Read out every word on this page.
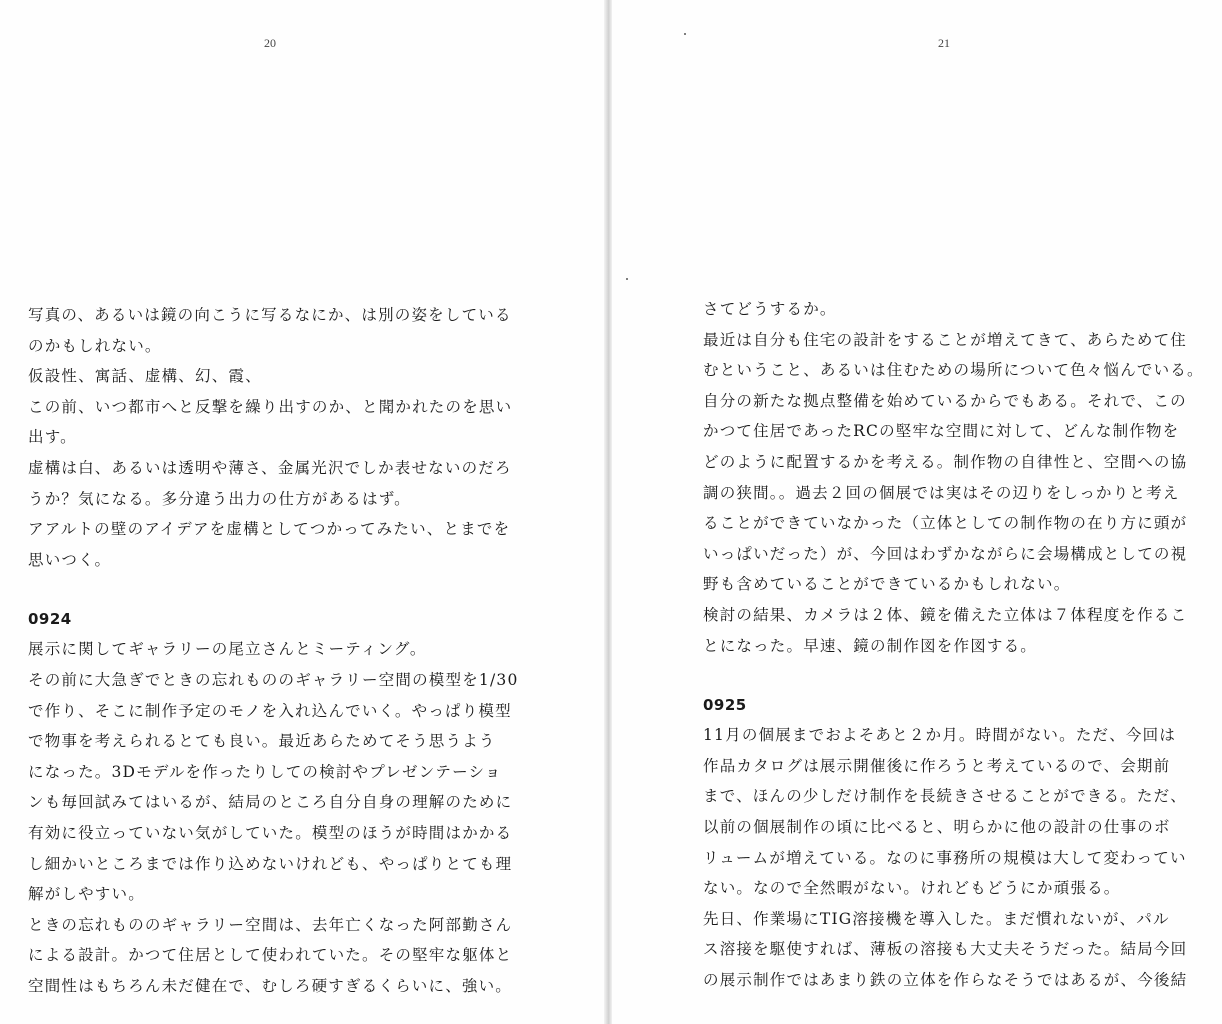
20
写真の、あるいは鏡の向こうに写るなにか、は別の姿をしている
のかもしれない。
仮設性、寓話、虚構、幻、霞、
この前、いつ都市へと反撃を繰り出すのか、と聞かれたのを思い
出す。
虚構は白、あるいは透明や薄さ、金属光沢でしか表せないのだろ
うか？気になる。多分違う出力の仕方があるはず。
アアルトの壁のアイデアを虚構としてつかってみたい、とまでを
思いつく。
0924
展示に関してギャラリーの尾立さんとミーティング。
その前に大急ぎでときの忘れもののギャラリー空間の模型を1/30
で作り、そこに制作予定のモノを入れ込んでいく。やっぱり模型
で物事を考えられるとても良い。最近あらためてそう思うよう
になった。3Dモデルを作ったりしての検討やプレゼンテーショ
ンも毎回試みてはいるが、結局のところ自分自身の理解のために
有効に役立っていない気がしていた。模型のほうが時間はかかる
し細かいところまでは作り込めないけれども、やっぱりとても理
解がしやすい。
ときの忘れもののギャラリー空間は、去年亡くなった阿部勤さん
による設計。かつて住居として使われていた。その堅牢な躯体と
空間性はもちろん未だ健在で、むしろ硬すぎるくらいに、強い。
21
さてどうするか。
最近は自分も住宅の設計をすることが増えてきて、あらためて住
むということ、あるいは住むための場所について色々悩んでいる。
自分の新たな拠点整備を始めているからでもある。それで、この
かつて住居であったRCの堅牢な空間に対して、どんな制作物を
どのように配置するかを考える。制作物の自律性と、空間への協
調の狭間。。過去２回の個展では実はその辺りをしっかりと考え
ることができていなかった（立体としての制作物の在り方に頭が
いっぱいだった）が、今回はわずかながらに会場構成としての視
野も含めていることができているかもしれない。
検討の結果、カメラは２体、鏡を備えた立体は７体程度を作るこ
とになった。早速、鏡の制作図を作図する。
0925
11月の個展までおよそあと２か月。時間がない。ただ、今回は
作品カタログは展示開催後に作ろうと考えているので、会期前
まで、ほんの少しだけ制作を長続きさせることができる。ただ、
以前の個展制作の頃に比べると、明らかに他の設計の仕事のボ
リュームが増えている。なのに事務所の規模は大して変わってい
ない。なので全然暇がない。けれどもどうにか頑張る。
先日、作業場にTIG溶接機を導入した。まだ慣れないが、パル
ス溶接を駆使すれば、薄板の溶接も大丈夫そうだった。結局今回
の展示制作ではあまり鉄の立体を作らなそうではあるが、今後結
